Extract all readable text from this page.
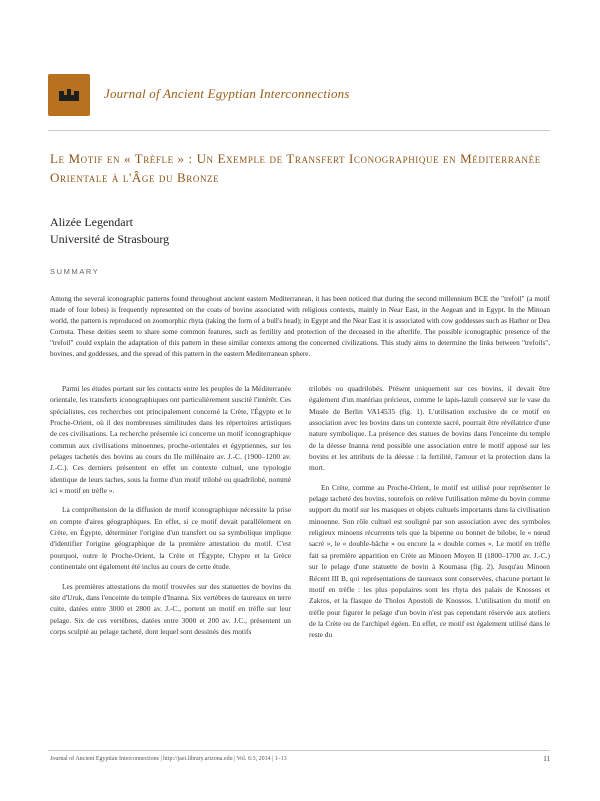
Journal of Ancient Egyptian Interconnections
Le Motif en « Trèfle » : Un Exemple de Transfert Iconographique en Méditerranée Orientale à l'Âge du Bronze
Alizée Legendart
Université de Strasbourg
SUMMARY
Among the several iconographic patterns found throughout ancient eastern Mediterranean, it has been noticed that during the second millennium BCE the "trefoil" (a motif made of four lobes) is frequently represented on the coats of bovine associated with religious contexts, mainly in Near East, in the Aegean and in Egypt. In the Minoan world, the pattern is reproduced on zoomorphic rhyta (taking the form of a bull's head); in Egypt and the Near East it is associated with cow goddesses such as Hathor or Dea Cornuta. These deities seem to share some common features, such as fertility and protection of the deceased in the afterlife. The possible iconographic presence of the "trefoil" could explain the adaptation of this pattern in these similar contexts among the concerned civilizations. This study aims to determine the links between "trefoils", bovines, and goddesses, and the spread of this pattern in the eastern Mediterranean sphere.

Parmi les études portant sur les contacts entre les peuples de la Méditerranée orientale, les transferts iconographiques ont particulièrement suscité l'intérêt. Ces spécialistes, ces recherches ont principalement concerné la Crète, l'Égypte et le Proche-Orient, où il des nombreuses similitudes dans les répertoires artistiques de ces civilisations. La recherche présentée ici concerne un motif iconographique commun aux civilisations minoennes, proche-orientales et égyptiennes, sur les pelages tachetés des bovins au cours du IIe millénaire av. J.-C. (1900–1200 av. J.-C.). Ces derniers présentent en effet un contexte cultuel, une typologie identique de leurs taches, sous la forme d'un motif trilobé ou quadrilobé, nommé ici « motif en trèfle ».

La compréhension de la diffusion de motif iconographique nécessite la prise en compte d'aires géographiques. En effet, si ce motif devait parallèlement en Crète, en Égypte, déterminer l'origine d'un transfert ou sa symbolique implique d'identifier l'origine géographique de la première attestation du motif. C'est pourquoi, outre le Proche-Orient, la Crète et l'Égypte, Chypre et la Grèce continentale ont également été inclus au cours de cette étude.

Les premières attestations du motif trouvées sur des statuettes de bovins du site d'Uruk, dans l'enceinte du temple d'Inanna. Six vertèbres de taureaux en terre cuite, datées entre 3000 et 2800 av. J.-C., portent un motif en trèfle sur leur pelage. Six de ces vertèbres, datées entre 3000 et 200 av. J.C., présentent un corps sculpté au pelage tacheté, dont lequel sont dessinés des motifs

trilobés ou quadrilobés. Présent uniquement sur ces bovins, il devait être également d'un matériau précieux, comme le lapis-lazuli conservé sur le vase du Musée de Berlin VA14535 (fig. 1). L'utilisation exclusive de ce motif en association avec les bovins dans un contexte sacré, pourrait être révélatrice d'une nature symbolique. La présence des statues de bovins dans l'enceinte du temple de la déesse Inanna rend possible une association entre le motif apposé sur les bovins et les attributs de la déesse : la fertilité, l'amour et la protection dans la mort.

En Crète, comme au Proche-Orient, le motif est utilisé pour représenter le pelage tacheté des bovins, toutefois on relève l'utilisation même du bovin comme support du motif sur les masques et objets cultuels importants dans la civilisation minoenne. Son rôle cultuel est souligné par son association avec des symboles religieux minoens récurrents tels que la bipenne ou bonnet de bilobe, le « nœud sacré », le « double-bâche » ou encore la « double cornes ». Le motif en trèfle fait sa première apparition en Crète au Minoen Moyen II (1800–1700 av. J.-C.) sur le pelage d'une statuette de bovin à Koumasa (fig. 2). Jusqu'au Minoen Récent III B, qui représentations de taureaux sont conservées, chacune portant le motif en trèfle : les plus populaires sont les rhyta des palais de Knossos et Zakros, et la flasque de Tholos Apostoli de Knossos. L'utilisation du motif en trèfle pour figurer le pelage d'un bovin n'est pas cependant réservée aux ateliers de la Crète ou de l'archipel égéen. En effet, ce motif est également utilisé dans le reste du

Journal of Ancient Egyptian Interconnections | http://jaei.library.arizona.edu | Vol. 6:3, 2014 | 1–13	11
